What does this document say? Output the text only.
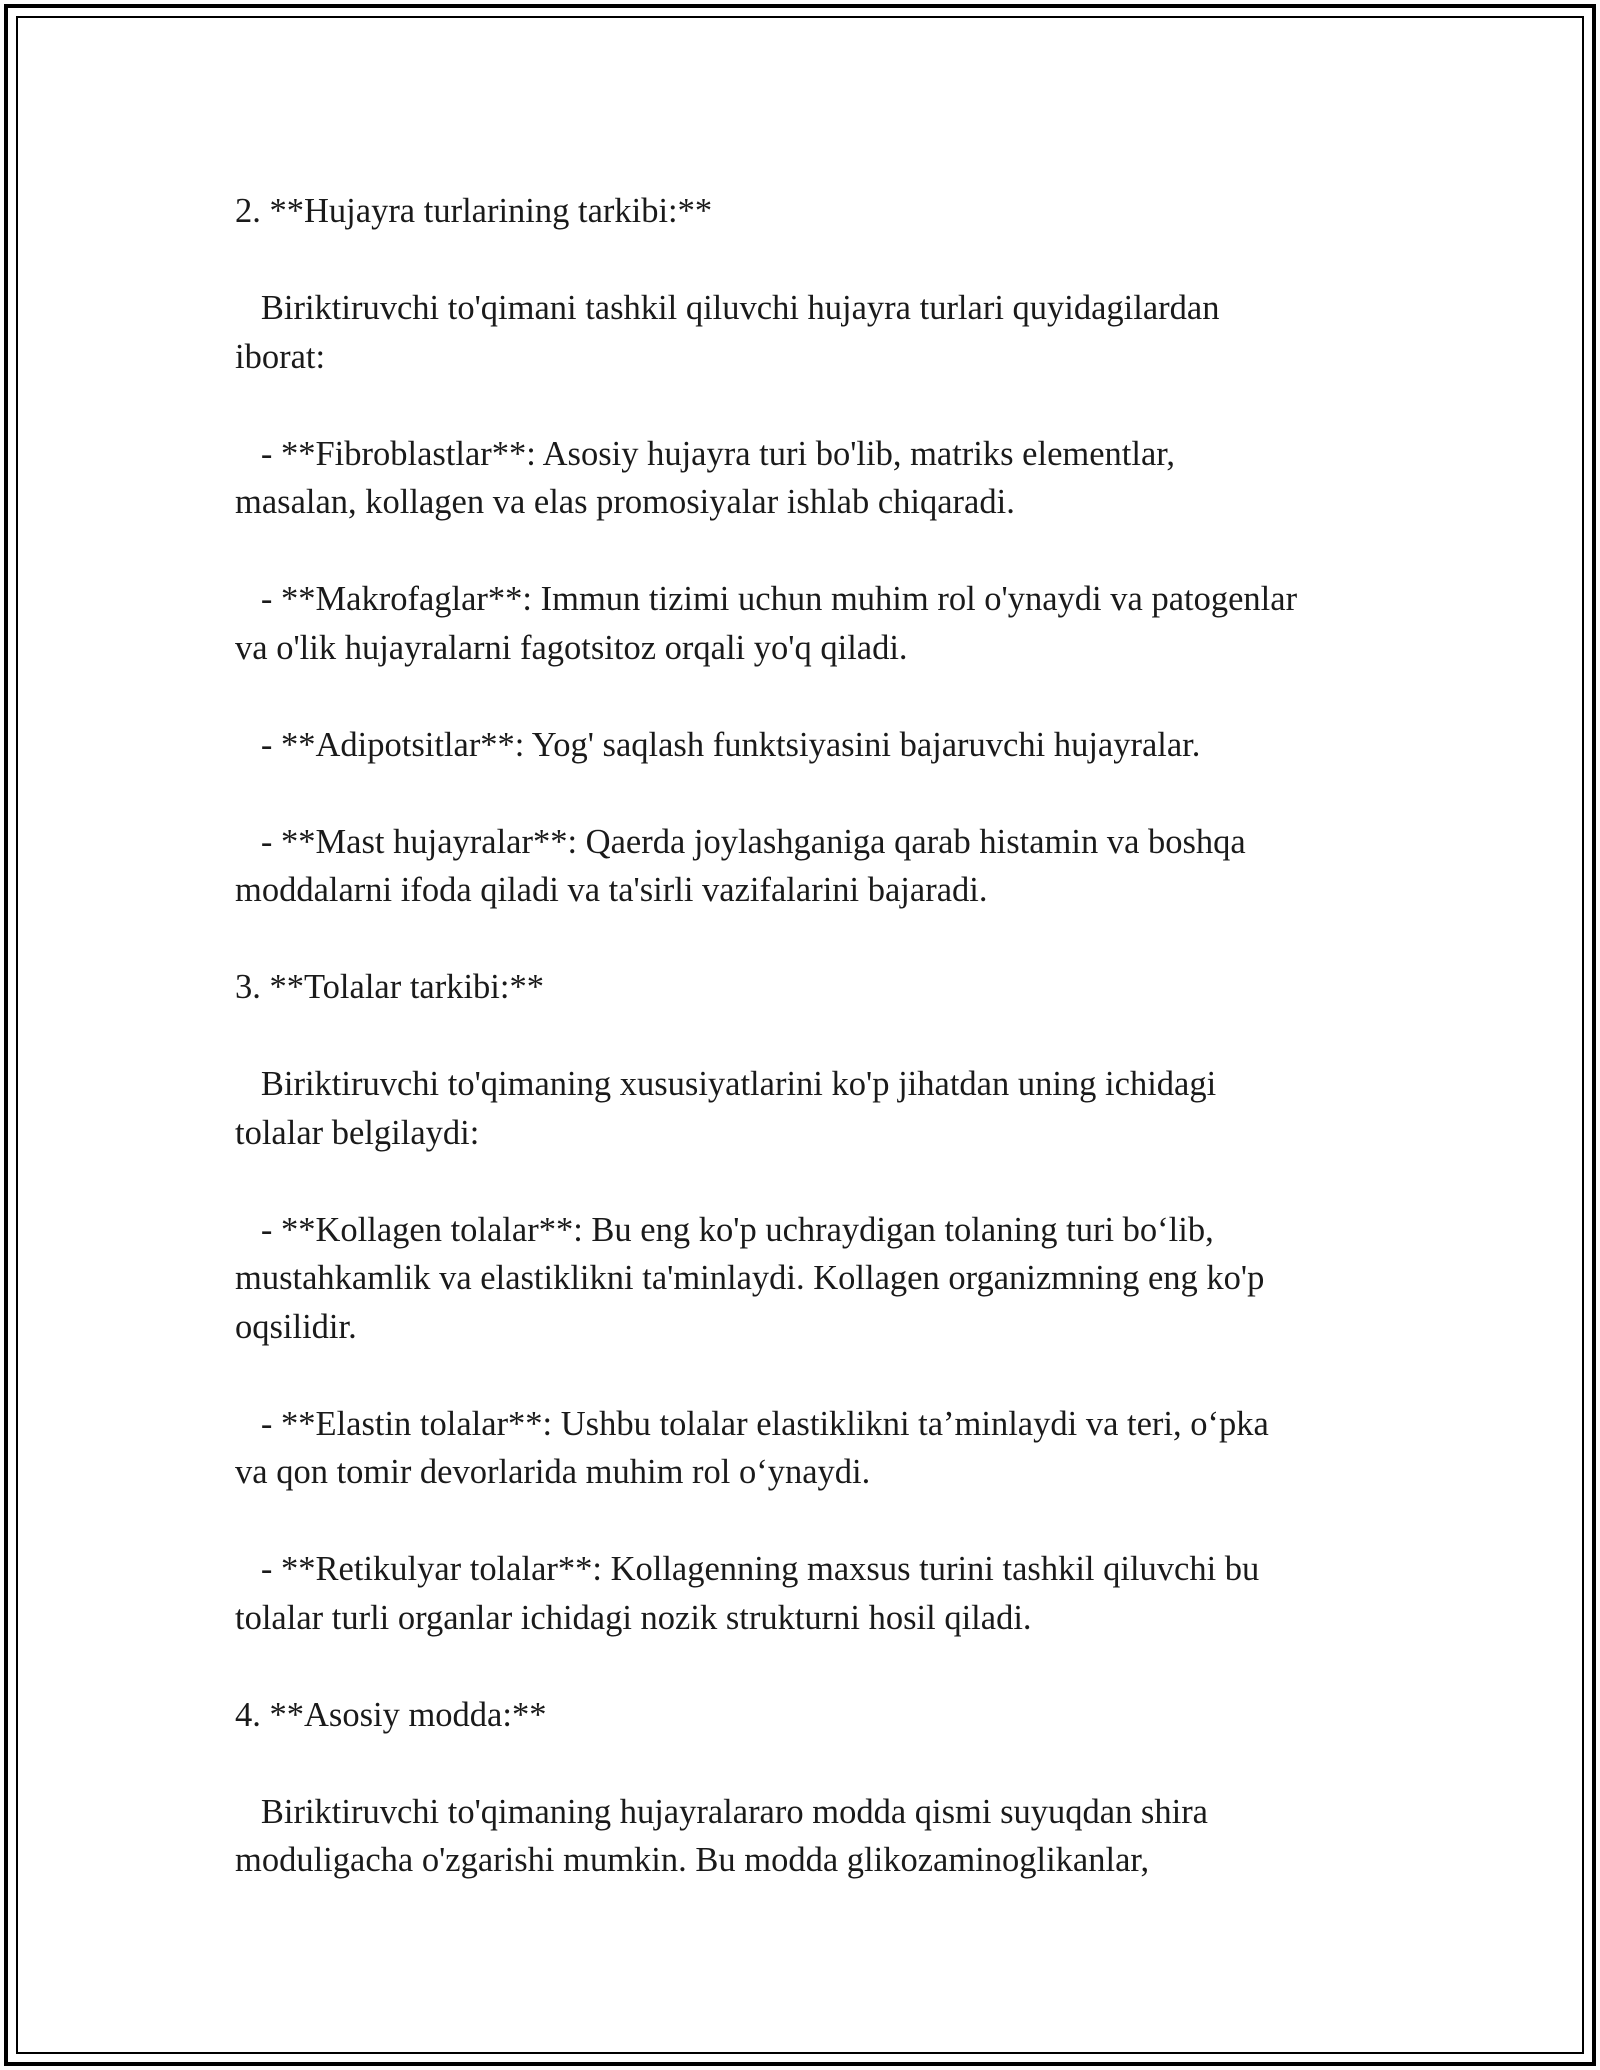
2. **Hujayra turlarining tarkibi:**
Biriktiruvchi to'qimani tashkil qiluvchi hujayra turlari quyidagilardan
iborat:
- **Fibroblastlar**: Asosiy hujayra turi bo'lib, matriks elementlar,
masalan, kollagen va elas promosiyalar ishlab chiqaradi.
- **Makrofaglar**: Immun tizimi uchun muhim rol o'ynaydi va patogenlar
va o'lik hujayralarni fagotsitoz orqali yo'q qiladi.
- **Adipotsitlar**: Yog' saqlash funktsiyasini bajaruvchi hujayralar.
- **Mast hujayralar**: Qaerda joylashganiga qarab histamin va boshqa
moddalarni ifoda qiladi va ta'sirli vazifalarini bajaradi.
3. **Tolalar tarkibi:**
Biriktiruvchi to'qimaning xususiyatlarini ko'p jihatdan uning ichidagi
tolalar belgilaydi:
- **Kollagen tolalar**: Bu eng ko'p uchraydigan tolaning turi bo‘lib,
mustahkamlik va elastiklikni ta'minlaydi. Kollagen organizmning eng ko'p
oqsilidir.
- **Elastin tolalar**: Ushbu tolalar elastiklikni ta’minlaydi va teri, o‘pka
va qon tomir devorlarida muhim rol o‘ynaydi.
- **Retikulyar tolalar**: Kollagenning maxsus turini tashkil qiluvchi bu
tolalar turli organlar ichidagi nozik strukturni hosil qiladi.
4. **Asosiy modda:**
Biriktiruvchi to'qimaning hujayralararo modda qismi suyuqdan shira
moduligacha o'zgarishi mumkin. Bu modda glikozaminoglikanlar,
